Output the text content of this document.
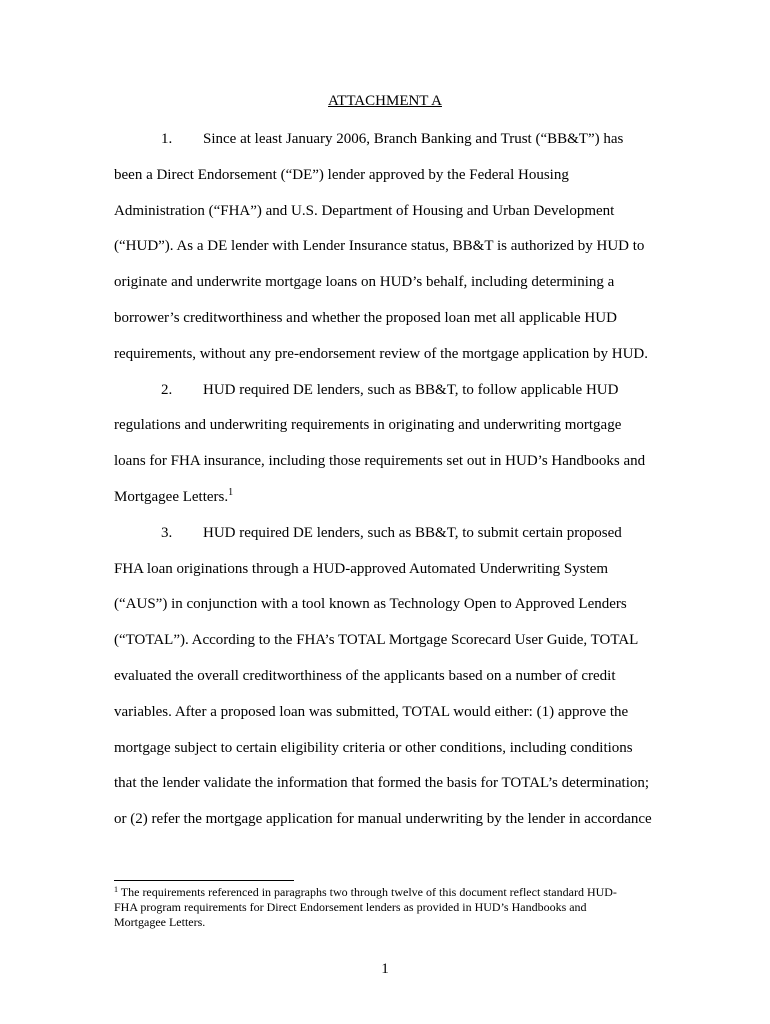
ATTACHMENT A
1. Since at least January 2006, Branch Banking and Trust (“BB&T”) has
been a Direct Endorsement (“DE”) lender approved by the Federal Housing
Administration (“FHA”) and U.S. Department of Housing and Urban Development
(“HUD”). As a DE lender with Lender Insurance status, BB&T is authorized by HUD to
originate and underwrite mortgage loans on HUD’s behalf, including determining a
borrower’s creditworthiness and whether the proposed loan met all applicable HUD
requirements, without any pre-endorsement review of the mortgage application by HUD.
2. HUD required DE lenders, such as BB&T, to follow applicable HUD
regulations and underwriting requirements in originating and underwriting mortgage
loans for FHA insurance, including those requirements set out in HUD’s Handbooks and
Mortgagee Letters.$^1$
3. HUD required DE lenders, such as BB&T, to submit certain proposed
FHA loan originations through a HUD-approved Automated Underwriting System
(“AUS”) in conjunction with a tool known as Technology Open to Approved Lenders
(“TOTAL”). According to the FHA’s TOTAL Mortgage Scorecard User Guide, TOTAL
evaluated the overall creditworthiness of the applicants based on a number of credit
variables. After a proposed loan was submitted, TOTAL would either: (1) approve the
mortgage subject to certain eligibility criteria or other conditions, including conditions
that the lender validate the information that formed the basis for TOTAL’s determination;
or (2) refer the mortgage application for manual underwriting by the lender in accordance
$^1$ The requirements referenced in paragraphs two through twelve of this document reflect standard HUD-
FHA program requirements for Direct Endorsement lenders as provided in HUD’s Handbooks and
Mortgagee Letters.
1
